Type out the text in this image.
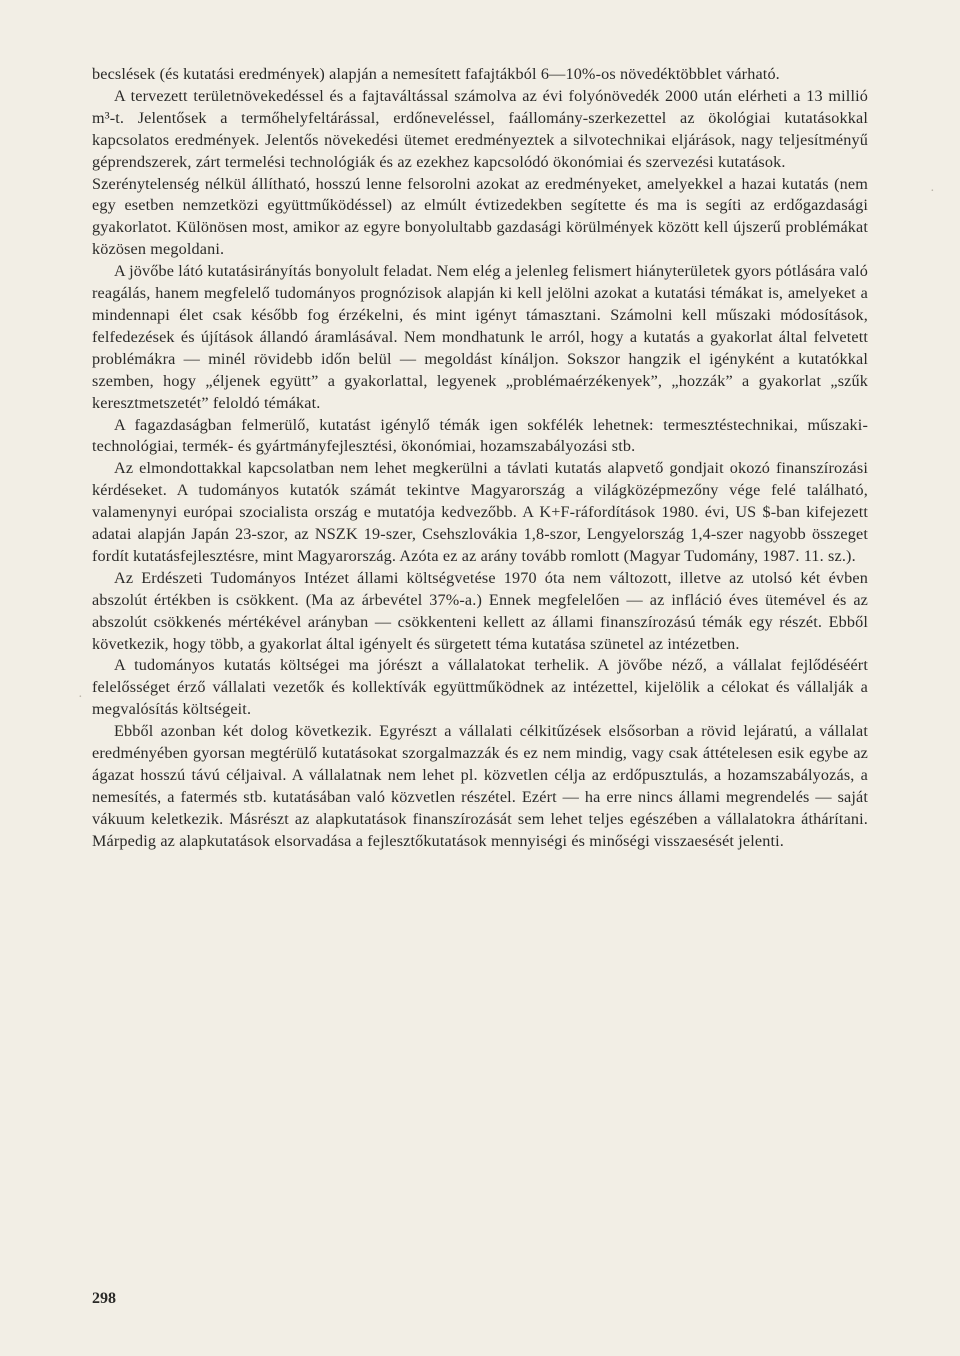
becslések (és kutatási eredmények) alapján a nemesített fafajtákból 6—10%-os növedéktöbblet várható.

A tervezett területnövekedéssel és a fajtaváltással számolva az évi folyónövedék 2000 után elérheti a 13 millió m³-t. Jelentősek a termőhelyfeltárással, erdőneveléssel, faállomány-szerkezettel az ökológiai kutatásokkal kapcsolatos eredmények. Jelentős növekedési ütemet eredményeztek a silvotechnikai eljárások, nagy teljesítményű géprendszerek, zárt termelési technológiák és az ezekhez kapcsolódó ökonómiai és szervezési kutatások.

Szerénytelenség nélkül állítható, hosszú lenne felsorolni azokat az eredményeket, amelyekkel a hazai kutatás (nem egy esetben nemzetközi együttműködéssel) az elmúlt évtizedekben segítette és ma is segíti az erdőgazdasági gyakorlatot. Különösen most, amikor az egyre bonyolultabb gazdasági körülmények között kell újszerű problémákat közösen megoldani.

A jövőbe látó kutatásirányítás bonyolult feladat. Nem elég a jelenleg felismert hiányterületek gyors pótlására való reagálás, hanem megfelelő tudományos prognózisok alapján ki kell jelölni azokat a kutatási témákat is, amelyeket a mindennapi élet csak később fog érzékelni, és mint igényt támasztani. Számolni kell műszaki módosítások, felfedezések és újítások állandó áramlásával. Nem mondhatunk le arról, hogy a kutatás a gyakorlat által felvetett problémákra — minél rövidebb időn belül — megoldást kínáljon. Sokszor hangzik el igényként a kutatókkal szemben, hogy „éljenek együtt” a gyakorlattal, legyenek „problémaérzékenyek”, „hozzák” a gyakorlat „szűk keresztmetszetét” feloldó témákat.

A fagazdaságban felmerülő, kutatást igénylő témák igen sokfélék lehetnek: termesztéstechnikai, műszaki-technológiai, termék- és gyártmányfejlesztési, ökonómiai, hozamszabályozási stb.

Az elmondottakkal kapcsolatban nem lehet megkerülni a távlati kutatás alapvető gondjait okozó finanszírozási kérdéseket. A tudományos kutatók számát tekintve Magyarország a világközépmezőny vége felé található, valamenynyi európai szocialista ország e mutatója kedvezőbb. A K+F-ráfordítások 1980. évi, US $-ban kifejezett adatai alapján Japán 23-szor, az NSZK 19-szer, Csehszlovákia 1,8-szor, Lengyelország 1,4-szer nagyobb összeget fordít kutatásfejlesztésre, mint Magyarország. Azóta ez az arány tovább romlott (Magyar Tudomány, 1987. 11. sz.).

Az Erdészeti Tudományos Intézet állami költségvetése 1970 óta nem változott, illetve az utolsó két évben abszolút értékben is csökkent. (Ma az árbevétel 37%-a.) Ennek megfelelően — az infláció éves ütemével és az abszolút csökkenés mértékével arányban — csökkenteni kellett az állami finanszírozású témák egy részét. Ebből következik, hogy több, a gyakorlat által igényelt és sürgetett téma kutatása szünetel az intézetben.

A tudományos kutatás költségei ma jórészt a vállalatokat terhelik. A jövőbe néző, a vállalat fejlődéséért felelősséget érző vállalati vezetők és kollektívák együttműködnek az intézettel, kijelölik a célokat és vállalják a megvalósítás költségeit.

Ebből azonban két dolog következik. Egyrészt a vállalati célkitűzések elsősorban a rövid lejáratú, a vállalat eredményében gyorsan megtérülő kutatásokat szorgalmazzák és ez nem mindig, vagy csak áttételesen esik egybe az ágazat hosszú távú céljaival. A vállalatnak nem lehet pl. közvetlen célja az erdőpusztulás, a hozamszabályozás, a nemesítés, a fatermés stb. kutatásában való közvetlen részétel. Ezért — ha erre nincs állami megrendelés — saját vákuum keletkezik. Másrészt az alapkutatások finanszírozását sem lehet teljes egészében a vállalatokra áthárítani. Márpedig az alapkutatások elsorvadása a fejlesztőkutatások mennyiségi és minőségi visszaesését jelenti.

298
·
·
